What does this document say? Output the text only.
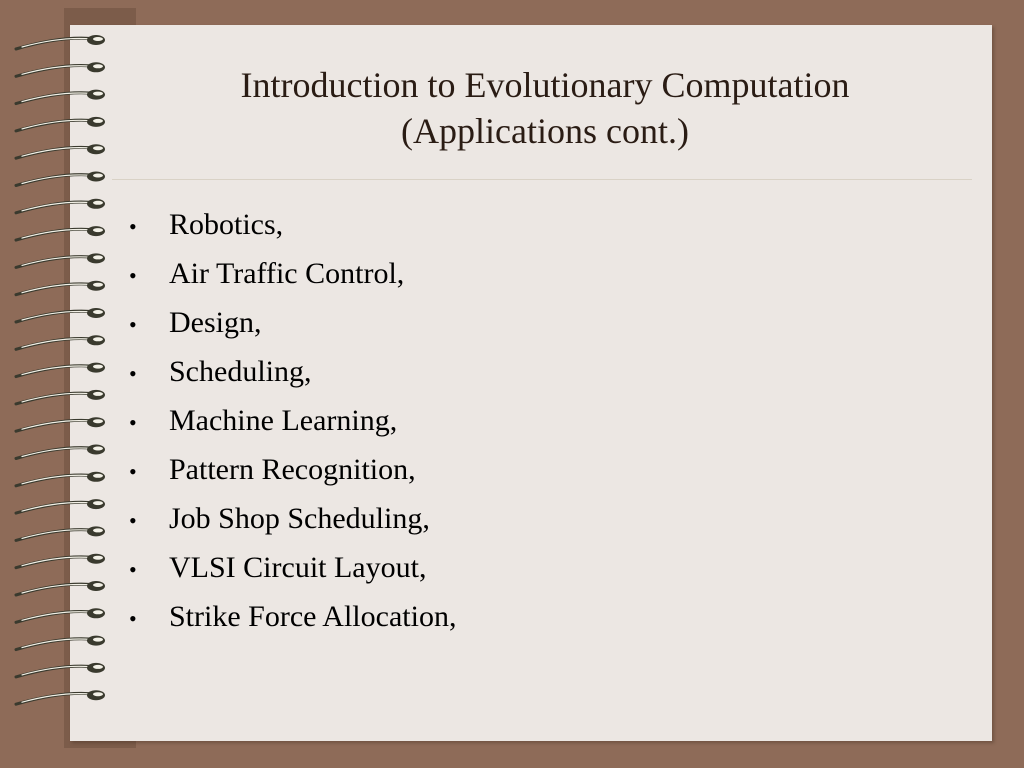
Introduction to Evolutionary Computation
(Applications cont.)
•	Robotics,
•	Air Traffic Control,
•	Design,
•	Scheduling,
•	Machine Learning,
•	Pattern Recognition,
•	Job Shop Scheduling,
•	VLSI Circuit Layout,
•	Strike Force Allocation,
